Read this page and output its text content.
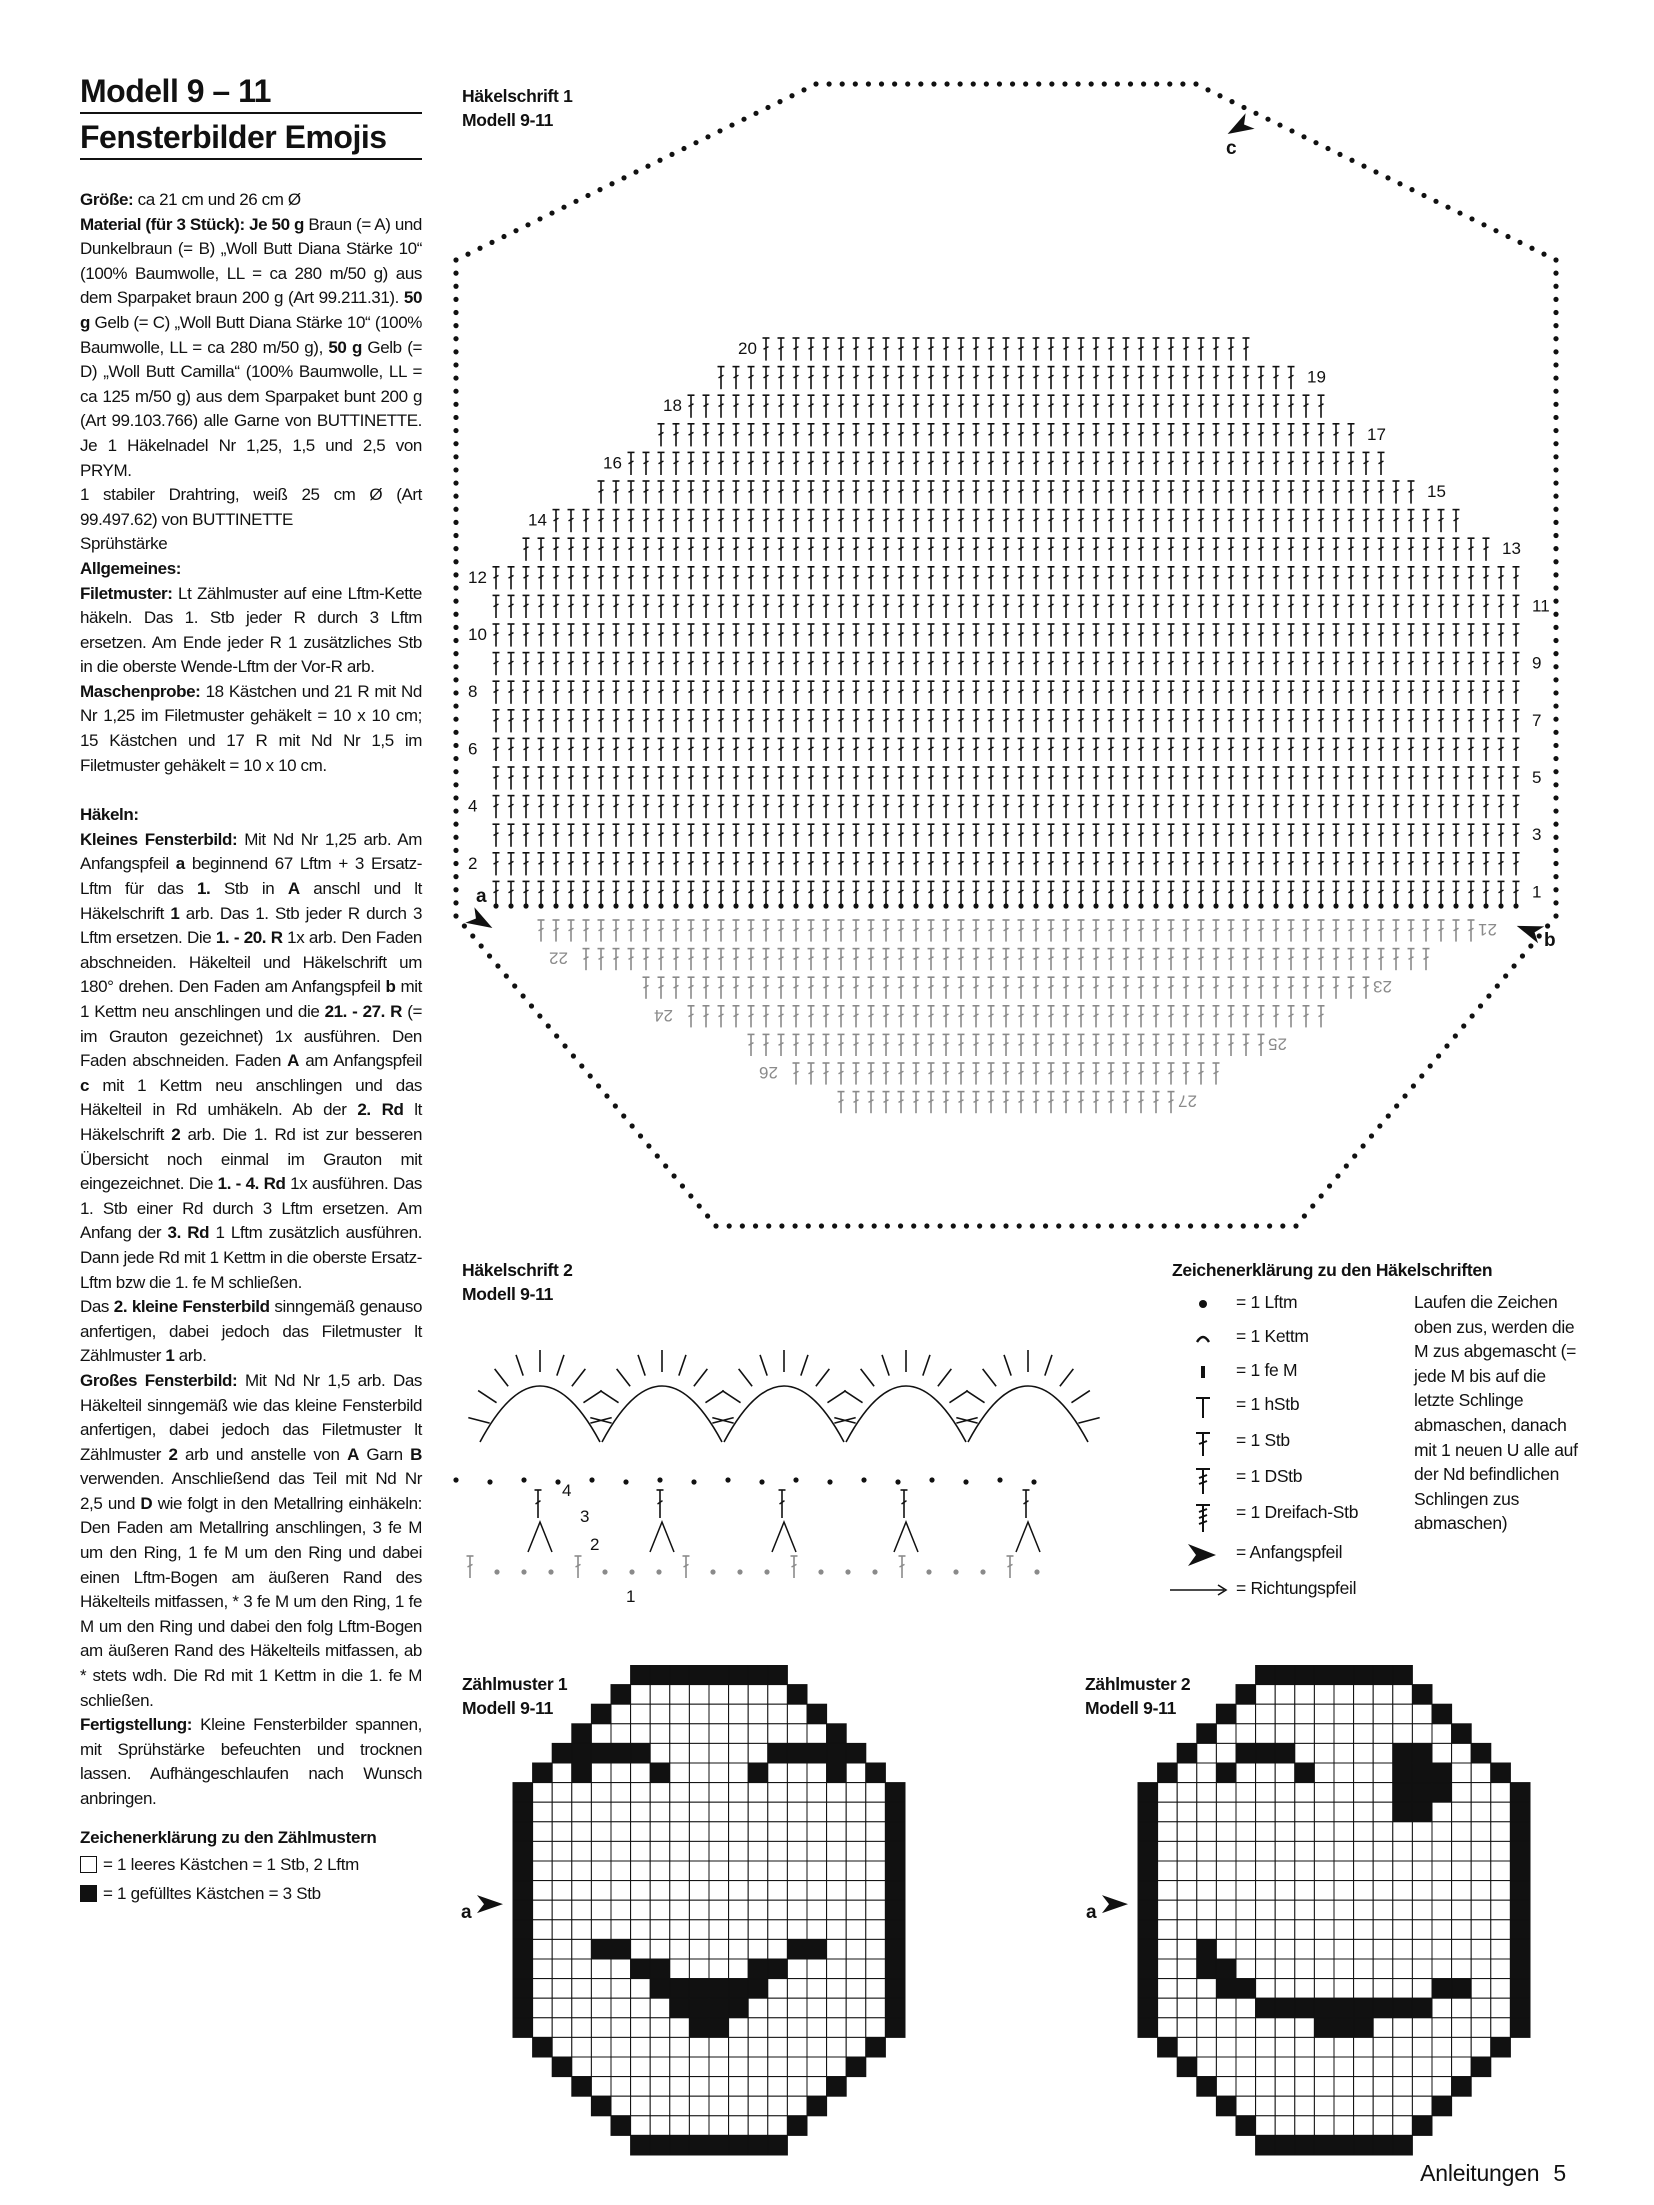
Modell 9 – 11
Fensterbilder Emojis

Größe: ca 21 cm und 26 cm Ø
Material (für 3 Stück): Je 50 g Braun (= A) und Dunkelbraun (= B) „Woll Butt Diana Stärke 10“ (100% Baumwolle, LL = ca 280 m/50 g) aus dem Sparpaket braun 200 g (Art 99.211.31). 50 g Gelb (= C) „Woll Butt Diana Stärke 10“ (100% Baumwolle, LL = ca 280 m/50 g), 50 g Gelb (= D) „Woll Butt Camilla“ (100% Baumwolle, LL = ca 125 m/50 g) aus dem Sparpaket bunt 200 g (Art 99.103.766) alle Garne von BUTTINETTE. Je 1 Häkelnadel Nr 1,25, 1,5 und 2,5 von PRYM.

1 stabiler Drahtring, weiß 25 cm Ø (Art 99.497.62) von BUTTINETTE

Sprühstärke

Allgemeines:

Filetmuster: Lt Zählmuster auf eine Lftm-Kette häkeln. Das 1. Stb jeder R durch 3 Lftm ersetzen. Am Ende jeder R 1 zusätzliches Stb in die oberste Wende-Lftm der Vor-R arb.

Maschenprobe: 18 Kästchen und 21 R mit Nd Nr 1,25 im Filetmuster gehäkelt = 10 x 10 cm; 15 Kästchen und 17 R mit Nd Nr 1,5 im Filetmuster gehäkelt = 10 x 10 cm.

Häkeln:

Kleines Fensterbild: Mit Nd Nr 1,25 arb. Am Anfangspfeil a beginnend 67 Lftm + 3 Ersatz-Lftm für das 1. Stb in A anschl und lt Häkelschrift 1 arb. Das 1. Stb jeder R durch 3 Lftm ersetzen. Die 1. - 20. R 1x arb. Den Faden abschneiden. Häkelteil und Häkelschrift um 180° drehen. Den Faden am Anfangspfeil b mit 1 Kettm neu anschlingen und die 21. - 27. R (= im Grauton gezeichnet) 1x ausführen. Den Faden abschneiden. Faden A am Anfangspfeil c mit 1 Kettm neu anschlingen und das Häkelteil in Rd umhäkeln. Ab der 2. Rd lt Häkelschrift 2 arb. Die 1. Rd ist zur besseren Übersicht noch einmal im Grauton mit eingezeichnet. Die 1. - 4. Rd 1x ausführen. Das 1. Stb einer Rd durch 3 Lftm ersetzen. Am Anfang der 3. Rd 1 Lftm zusätzlich ausführen. Dann jede Rd mit 1 Kettm in die oberste Ersatz-Lftm bzw die 1. fe M schließen.

Das 2. kleine Fensterbild sinngemäß genauso anfertigen, dabei jedoch das Filetmuster lt Zählmuster 1 arb.

Großes Fensterbild: Mit Nd Nr 1,5 arb. Das Häkelteil sinngemäß wie das kleine Fensterbild anfertigen, dabei jedoch das Filetmuster lt Zählmuster 2 arb und anstelle von A Garn B verwenden. Anschließend das Teil mit Nd Nr 2,5 und D wie folgt in den Metallring einhäkeln: Den Faden am Metallring anschlingen, 3 fe M um den Ring, 1 fe M um den Ring und dabei einen Lftm-Bogen am äußeren Rand des Häkelteils mitfassen, * 3 fe M um den Ring, 1 fe M um den Ring und dabei den folg Lftm-Bogen am äußeren Rand des Häkelteils mitfassen, ab * stets wdh. Die Rd mit 1 Kettm in die 1. fe M schließen.

Fertigstellung: Kleine Fensterbilder spannen, mit Sprühstärke befeuchten und trocknen lassen. Aufhängeschlaufen nach Wunsch anbringen.

Zeichenerklärung zu den Zählmustern
= 1 leeres Kästchen = 1 Stb, 2 Lftm
= 1 gefülltes Kästchen = 3 Stb
Häkelschrift 1
Modell 9-11
1
2
3
4
5
6
7
8
9
10
11
12
13
14
15
16
17
18
19
20
21
22
23
24
25
26
27
a
b
c
Häkelschrift 2
Modell 9-11
1
2
3
4
Zeichenerklärung zu den Häkelschriften
= 1 Lftm
= 1 Kettm
= 1 fe M
= 1 hStb
= 1 Stb
= 1 DStb
= 1 Dreifach-Stb
= Anfangspfeil
= Richtungspfeil
Laufen die Zeichen oben zus, werden die M zus abgemascht (= jede M bis auf die letzte Schlinge abmaschen, danach mit 1 neuen U alle auf der Nd befindlichen Schlingen zus abmaschen)
Zählmuster 1
Modell 9-11
a
Zählmuster 2
Modell 9-11
a
Anleitungen 5
